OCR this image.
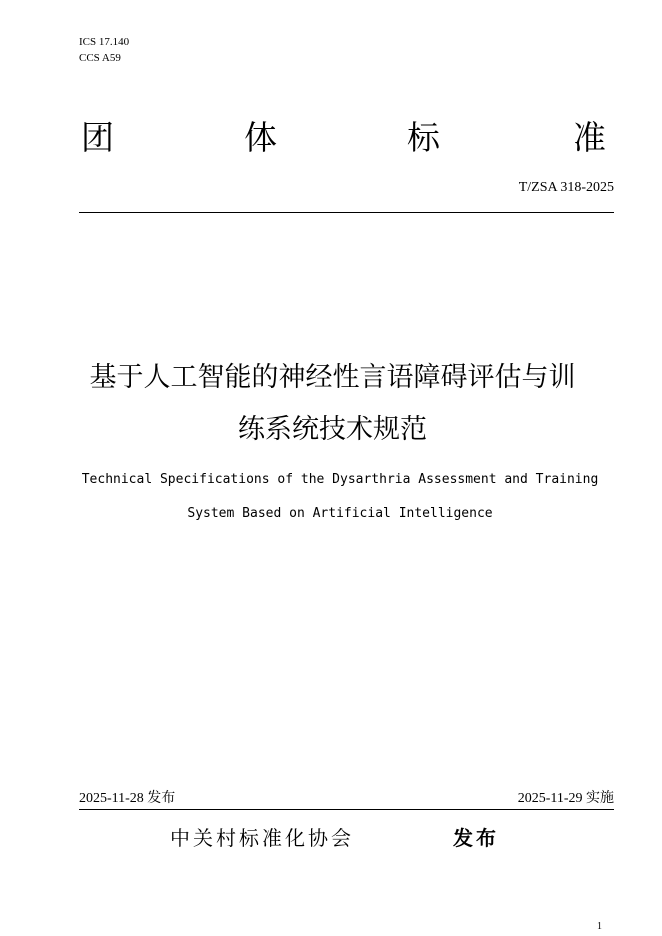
ICS 17.140
CCS A59
团	体	标	准
T/ZSA 318-2025
基于人工智能的神经性言语障碍评估与训
练系统技术规范
Technical Specifications of the Dysarthria Assessment and Training
System Based on Artificial Intelligence
2025-11-28 发布	2025-11-29 实施
中关村标准化协会	发布
1
